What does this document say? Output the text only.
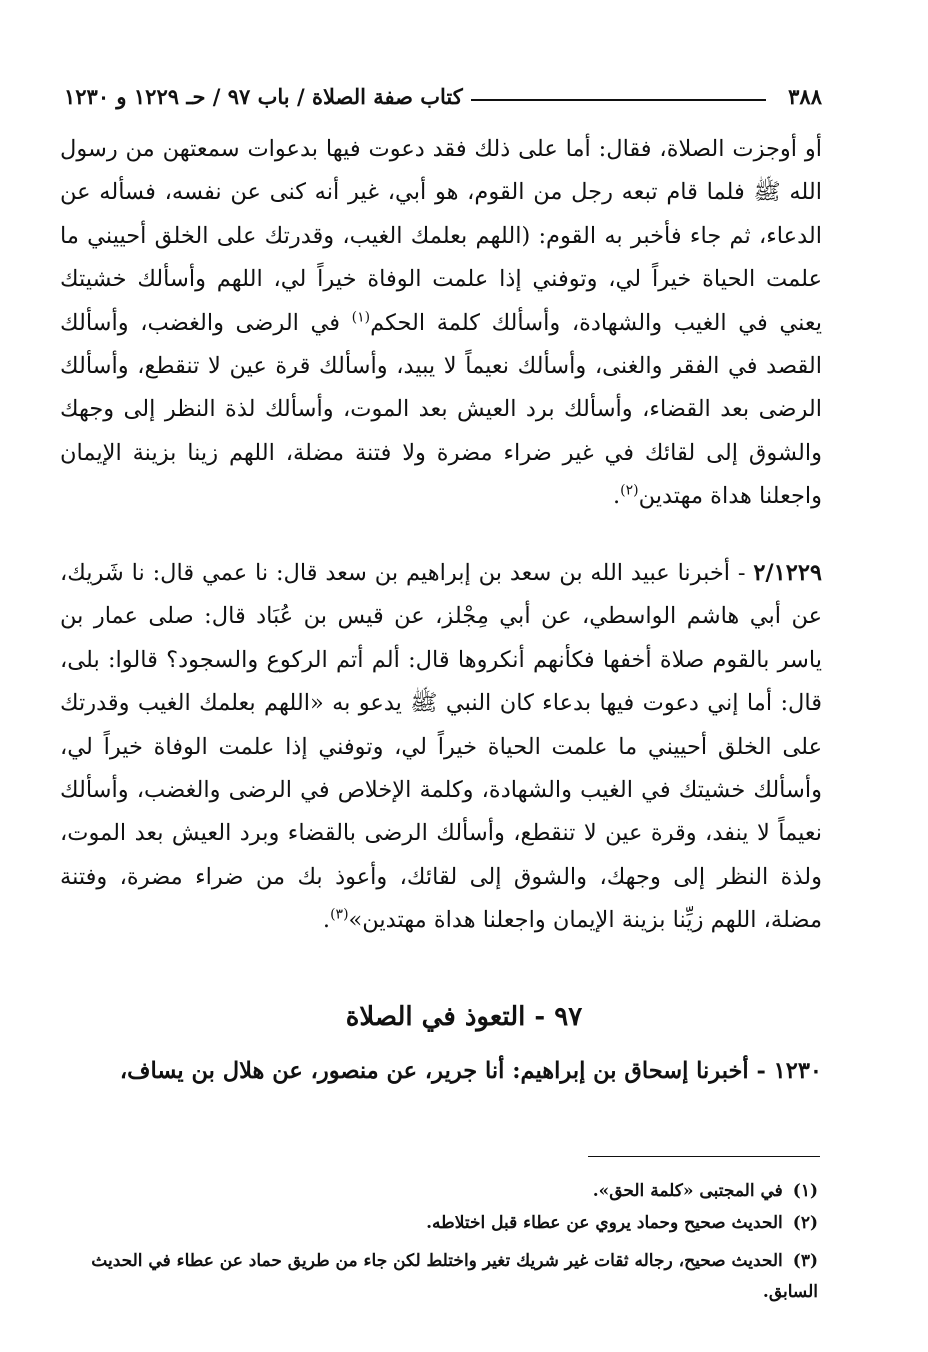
٣٨٨
كتاب صفة الصلاة / باب ٩٧ / حـ ١٢٢٩ و ١٢٣٠

أو أوجزت الصلاة، فقال: أما على ذلك فقد دعوت فيها بدعوات سمعتهن من رسول الله ﷺ فلما قام تبعه رجل من القوم، هو أبي، غير أنه كنى عن نفسه، فسأله عن الدعاء، ثم جاء فأخبر به القوم: (اللهم بعلمك الغيب، وقدرتك على الخلق أحييني ما علمت الحياة خيراً لي، وتوفني إذا علمت الوفاة خيراً لي، اللهم وأسألك خشيتك يعني في الغيب والشهادة، وأسألك كلمة الحكم$^{(١)}$ في الرضى والغضب، وأسألك القصد في الفقر والغنى، وأسألك نعيماً لا يبيد، وأسألك قرة عين لا تنقطع، وأسألك الرضى بعد القضاء، وأسألك برد العيش بعد الموت، وأسألك لذة النظر إلى وجهك والشوق إلى لقائك في غير ضراء مضرة ولا فتنة مضلة، اللهم زينا بزينة الإيمان واجعلنا هداة مهتدين$^{(٢)}$.

٢/١٢٢٩ - أخبرنا عبيد الله بن سعد بن إبراهيم بن سعد قال: نا عمي قال: نا شَريك، عن أبي هاشم الواسطي، عن أبي مِجْلز، عن قيس بن عُبَاد قال: صلى عمار بن ياسر بالقوم صلاة أخفها فكأنهم أنكروها قال: ألم أتم الركوع والسجود؟ قالوا: بلى، قال: أما إني دعوت فيها بدعاء كان النبي ﷺ يدعو به «اللهم بعلمك الغيب وقدرتك على الخلق أحييني ما علمت الحياة خيراً لي، وتوفني إذا علمت الوفاة خيراً لي، وأسألك خشيتك في الغيب والشهادة، وكلمة الإخلاص في الرضى والغضب، وأسألك نعيماً لا ينفد، وقرة عين لا تنقطع، وأسألك الرضى بالقضاء وبرد العيش بعد الموت، ولذة النظر إلى وجهك، والشوق إلى لقائك، وأعوذ بك من ضراء مضرة، وفتنة مضلة، اللهم زيِّنا بزينة الإيمان واجعلنا هداة مهتدين»$^{(٣)}$.

٩٧ - التعوذ في الصلاة

١٢٣٠ - أخبرنا إسحاق بن إبراهيم: أنا جرير، عن منصور، عن هلال بن يساف،

(١)في المجتبى «كلمة الحق».

(٢)الحديث صحيح وحماد يروي عن عطاء قبل اختلاطه.

(٣)الحديث صحيح، رجاله ثقات غير شريك تغير واختلط لكن جاء من طريق حماد عن عطاء في الحديث السابق.
